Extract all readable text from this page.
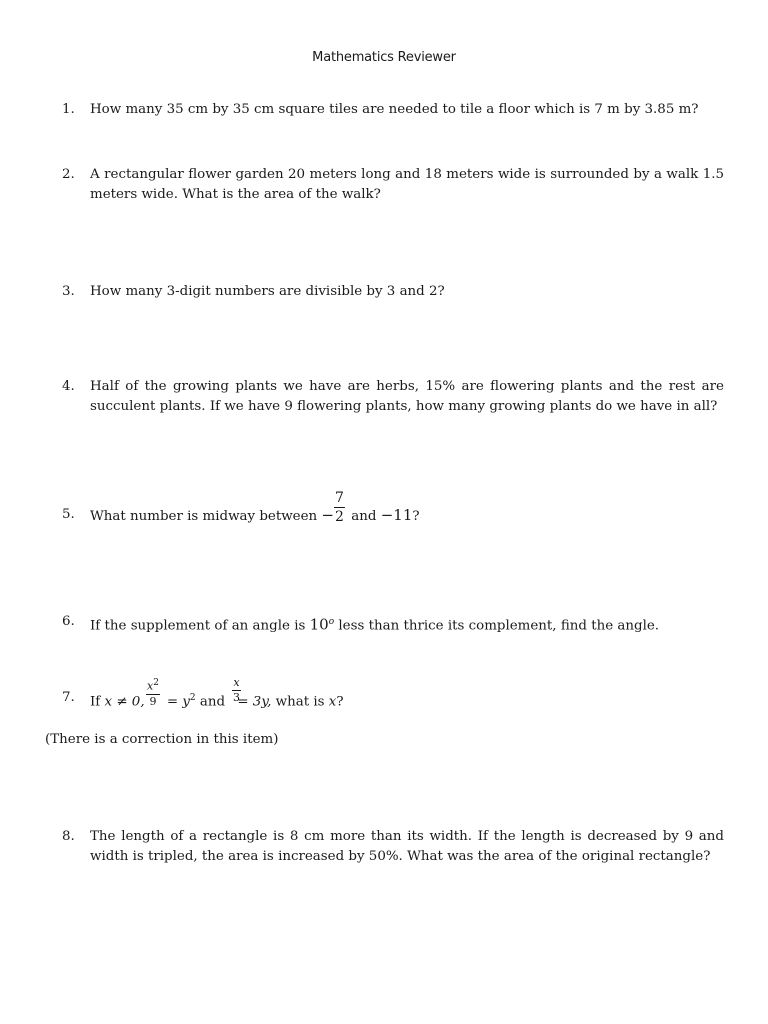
Mathematics Reviewer
1.	How many 35 cm by 35 cm square tiles are needed to tile a floor which is 7 m by 3.85 m?
2.	A rectangular flower garden 20 meters long and 18 meters wide is surrounded by a walk 1.5 meters wide. What is the area of the walk?
3.	How many 3-digit numbers are divisible by 3 and 2?
4.	Half of the growing plants we have are herbs, 15% are flowering plants and the rest are succulent plants. If we have 9 flowering plants, how many growing plants do we have in all?
5.	What number is midway between − $\frac{7}{2}$ and −11?
6.	If the supplement of an angle is 10$^o$ less than thrice its complement, find the angle.
7.	If x ≠ 0, $\frac{x^2}{9} = y^2$ and $\frac{x}{3}$
= 3y, what is x?
(There is a correction in this item)
8.	The length of a rectangle is 8 cm more than its width. If the length is decreased by 9 and width is tripled, the area is increased by 50%. What was the area of the original rectangle?
